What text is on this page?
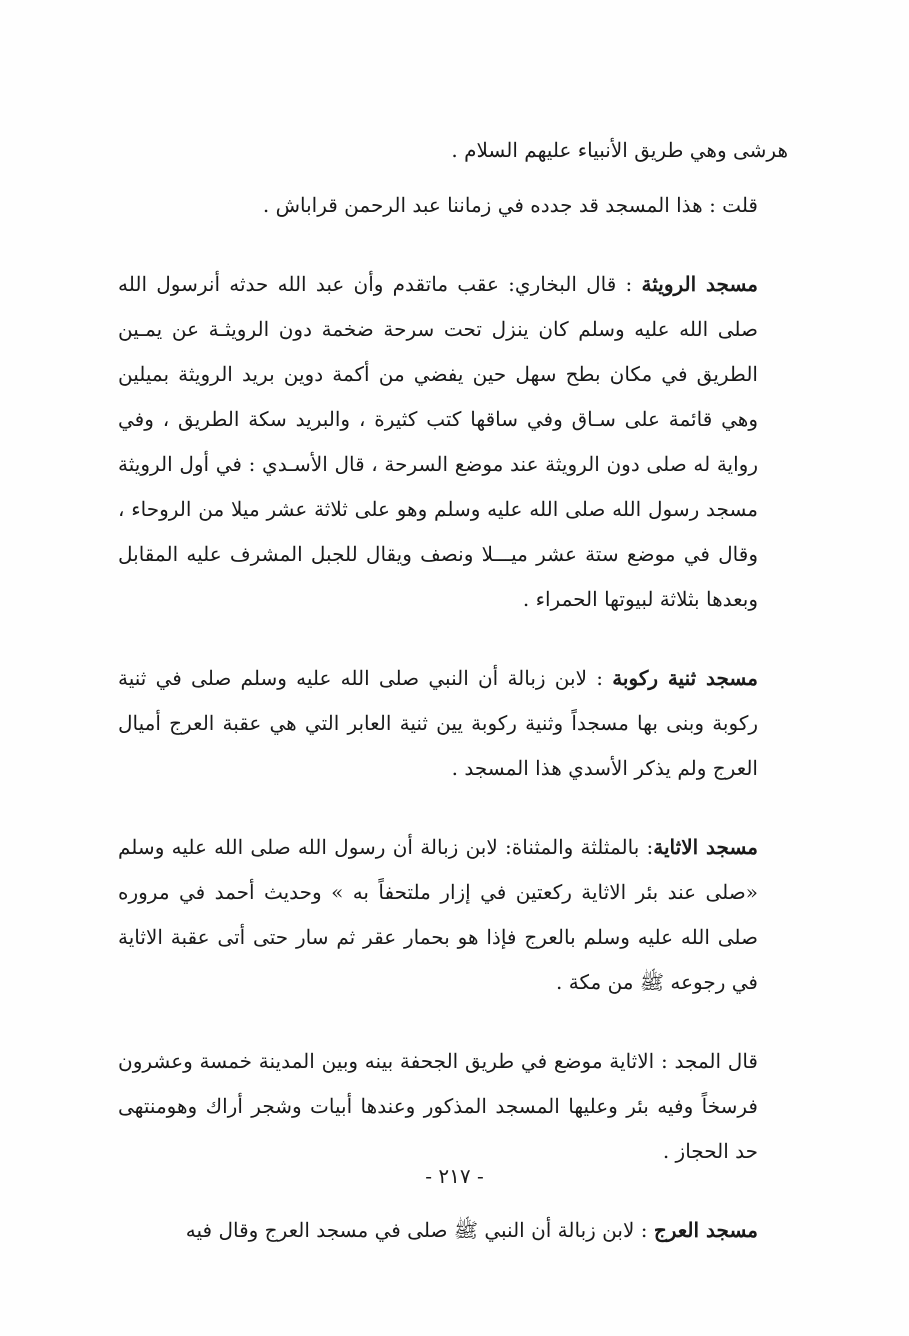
هرشى وهي طريق الأنبياء عليهم السلام .

قلت : هذا المسجد قد جدده في زماننا عبد الرحمن قراباش .

مسجد الرويثة : قال البخاري: عقب ماتقدم وأن عبد الله حدثه أنرسول الله صلى الله عليه وسلم كان ينزل تحت سرحة ضخمة دون الرويثـة عن يمـين الطريق في مكان بطح سهل حين يفضي من أكمة دوين بريد الرويثة بميلين وهي قائمة على سـاق وفي ساقها كتب كثيرة ، والبريد سكة الطريق ، وفي رواية له صلى دون الرويثة عند موضع السرحة ، قال الأسـدي : في أول الرويثة مسجد رسول الله صلى الله عليه وسلم وهو على ثلاثة عشر ميلا من الروحاء ، وقال في موضع ستة عشر ميـــلا ونصف ويقال للجبل المشرف عليه المقابل وبعدها بثلاثة لبيوتها الحمراء .

مسجد ثنية ركوبة : لابن زبالة أن النبي صلى الله عليه وسلم صلى في ثنية ركوبة وبنى بها مسجداً وثنية ركوبة يين ثنية العابر التي هي عقبة العرج أميال العرج ولم يذكر الأسدي هذا المسجد .

مسجد الاثاية: بالمثلثة والمثناة: لابن زبالة أن رسول الله صلى الله عليه وسلم «صلى عند بئر الاثاية ركعتين في إزار ملتحفاً به » وحديث أحمد في مروره صلى الله عليه وسلم بالعرج فإذا هو بحمار عقر ثم سار حتى أتى عقبة الاثاية في رجوعه ﷺ من مكة .

قال المجد : الاثاية موضع في طريق الجحفة بينه وبين المدينة خمسة وعشرون فرسخاً وفيه بئر وعليها المسجد المذكور وعندها أبيات وشجر أراك وهومنتهى حد الحجاز .

مسجد العرج : لابن زبالة أن النبي ﷺ صلى في مسجد العرج وقال فيه

- ٢١٧ -
